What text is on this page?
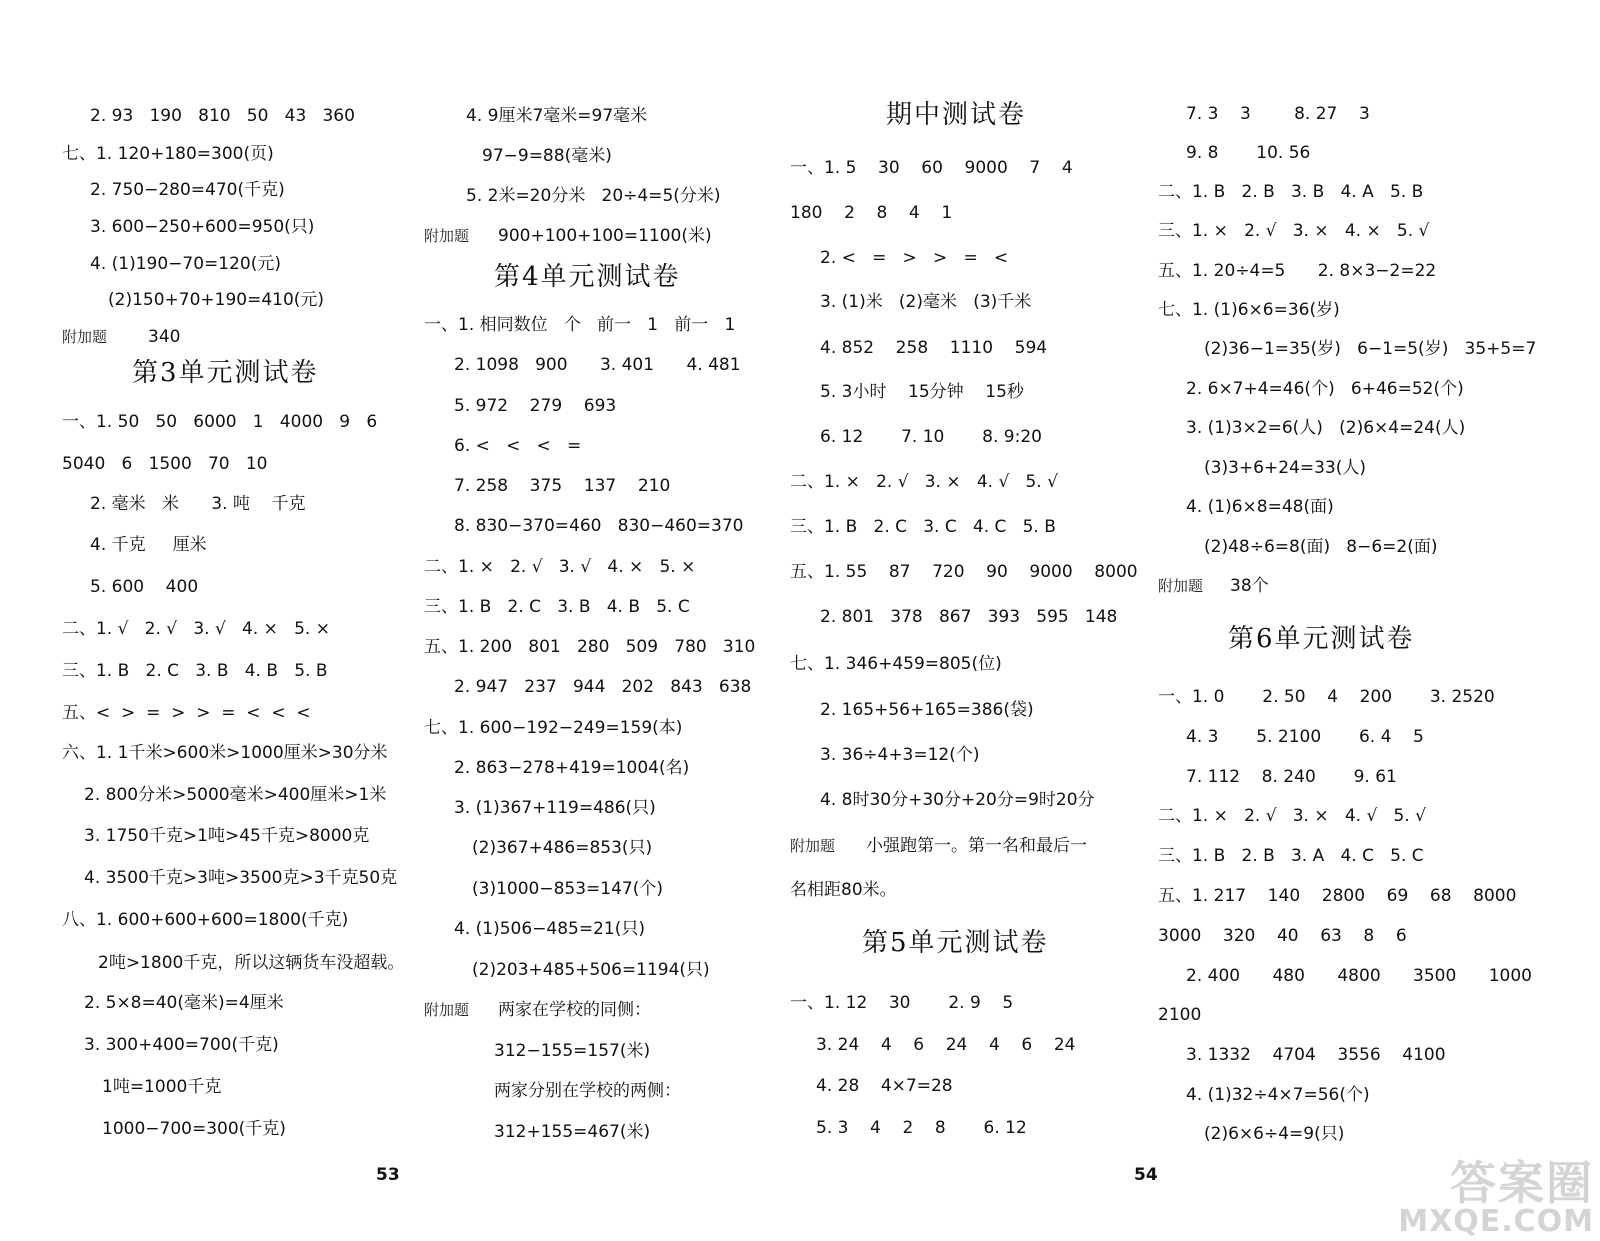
2. 93   190   810   50   43   360
七、1. 120+180=300(页)
2. 750−280=470(千克)
3. 600−250+600=950(只)
4. (1)190−70=120(元)
(2)150+70+190=410(元)
附加题 340
第3单元测试卷
一、1. 50   50   6000   1   4000   9   6
5040   6   1500   70   10
2. 毫米   米      3. 吨    千克
4. 千克     厘米
5. 600    400
二、1. √   2. √   3. √   4. ×   5. ×
三、1. B   2. C   3. B   4. B   5. B
五、<  >  =  >  >  =  <  <  <
六、1. 1千米>600米>1000厘米>30分米
2. 800分米>5000毫米>400厘米>1米
3. 1750千克>1吨>45千克>8000克
4. 3500千克>3吨>3500克>3千克50克
八、1. 600+600+600=1800(千克)
2吨>1800千克，所以这辆货车没超载。
2. 5×8=40(毫米)=4厘米
3. 300+400=700(千克)
1吨=1000千克
1000−700=300(千克)
4. 9厘米7毫米=97毫米
97−9=88(毫米)
5. 2米=20分米   20÷4=5(分米)
附加题 900+100+100=1100(米)
第4单元测试卷
一、1. 相同数位   个   前一   1   前一   1
2. 1098   900      3. 401      4. 481
5. 972    279    693
6. <   <   <   =
7. 258    375    137    210
8. 830−370=460   830−460=370
二、1. ×   2. √   3. √   4. ×   5. ×
三、1. B   2. C   3. B   4. B   5. C
五、1. 200   801   280   509   780   310
2. 947   237   944   202   843   638
七、1. 600−192−249=159(本)
2. 863−278+419=1004(名)
3. (1)367+119=486(只)
(2)367+486=853(只)
(3)1000−853=147(个)
4. (1)506−485=21(只)
(2)203+485+506=1194(只)
附加题 两家在学校的同侧：
312−155=157(米)
两家分别在学校的两侧：
312+155=467(米)
53
期中测试卷
一、1. 5    30    60    9000    7    4
180    2    8    4    1
2. <   =   >   >   =   <
3. (1)米   (2)毫米   (3)千米
4. 852    258    1110    594
5. 3小时    15分钟    15秒
6. 12       7. 10       8. 9:20
二、1. ×   2. √   3. ×   4. √   5. √
三、1. B   2. C   3. C   4. C   5. B
五、1. 55    87    720    90    9000    8000
2. 801   378   867   393   595   148
七、1. 346+459=805(位)
2. 165+56+165=386(袋)
3. 36÷4+3=12(个)
4. 8时30分+30分+20分=9时20分
附加题 小强跑第一。第一名和最后一
名相距80米。
第5单元测试卷
一、1. 12    30       2. 9    5
3. 24    4    6    24    4    6    24
4. 28    4×7=28
5. 3    4    2    8       6. 12
7. 3    3        8. 27    3
9. 8       10. 56
二、1. B   2. B   3. B   4. A   5. B
三、1. ×   2. √   3. ×   4. ×   5. √
五、1. 20÷4=5      2. 8×3−2=22
七、1. (1)6×6=36(岁)
(2)36−1=35(岁)   6−1=5(岁)   35+5=7
2. 6×7+4=46(个)   6+46=52(个)
3. (1)3×2=6(人)   (2)6×4=24(人)
(3)3+6+24=33(人)
4. (1)6×8=48(面)
(2)48÷6=8(面)   8−6=2(面)
附加题 38个
第6单元测试卷
一、1. 0       2. 50    4    200       3. 2520
4. 3       5. 2100       6. 4    5
7. 112    8. 240       9. 61
二、1. ×   2. √   3. ×   4. √   5. √
三、1. B   2. B   3. A   4. C   5. C
五、1. 217    140    2800    69    68    8000
3000    320    40    63    8    6
2. 400      480      4800      3500      1000
2100
3. 1332    4704    3556    4100
4. (1)32÷4×7=56(个)
(2)6×6÷4=9(只)
54	答案圈
MXQE.COM
